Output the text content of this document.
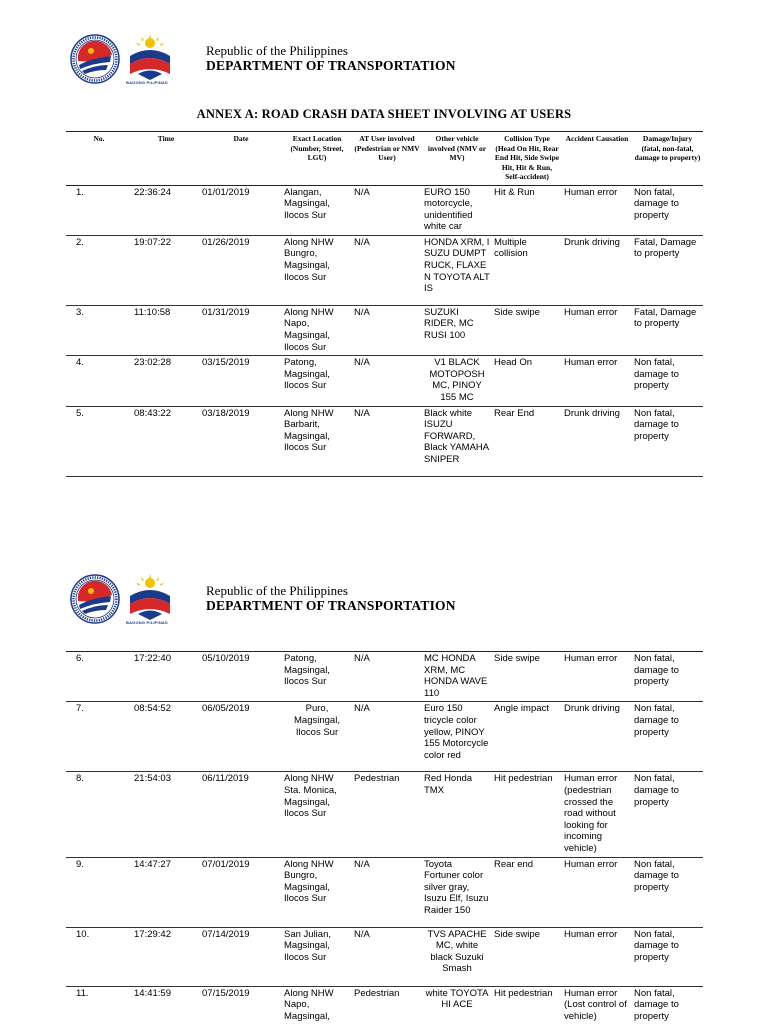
BAGONG PILIPINAS
Republic of the Philippines
DEPARTMENT OF TRANSPORTATION
ANNEX A: ROAD CRASH DATA SHEET INVOLVING AT USERS
No.	Time	Date	Exact Location (Number, Street, LGU)	AT User involved (Pedestrian or NMV User)	Other vehicle involved (NMV or MV)	Collision Type (Head On Hit, Rear End Hit, Side Swipe Hit, Hit & Run, Self-accident)	Accident Causation	Damage/Injury (fatal, non-fatal, damage to property)
1.	22:36:24	01/01/2019	Alangan, Magsingal, Ilocos Sur	N/A	EURO 150 motorcycle, unidentified white car	Hit & Run	Human error	Non fatal, damage to property
2.	19:07:22	01/26/2019	Along NHW Bungro, Magsingal, Ilocos Sur	N/A	HONDA XRM, ISUZU DUMPTRUCK, FLAXEN TOYOTA ALTIS	Multiple collision	Drunk driving	Fatal, Damage to property
3.	11:10:58	01/31/2019	Along NHW Napo, Magsingal, Ilocos Sur	N/A	SUZUKI RIDER, MC RUSI 100	Side swipe	Human error	Fatal, Damage to property
4.	23:02:28	03/15/2019	Patong, Magsingal, Ilocos Sur	N/A	V1 BLACK MOTOPOSH MC, PINOY 155 MC	Head On	Human error	Non fatal, damage to property
5.	08:43:22	03/18/2019	Along NHW Barbarit, Magsingal, Ilocos Sur	N/A	Black white ISUZU FORWARD, Black YAMAHA SNIPER	Rear End	Drunk driving	Non fatal, damage to property
BAGONG PILIPINAS
Republic of the Philippines
DEPARTMENT OF TRANSPORTATION
6.	17:22:40	05/10/2019	Patong, Magsingal, Ilocos Sur	N/A	MC HONDA XRM, MC HONDA WAVE 110	Side swipe	Human error	Non fatal, damage to property
7.	08:54:52	06/05/2019	Puro, Magsingal, Ilocos Sur	N/A	Euro 150 tricycle color yellow, PINOY 155 Motorcycle color red	Angle impact	Drunk driving	Non fatal, damage to property
8.	21:54:03	06/11/2019	Along NHW Sta. Monica, Magsingal, Ilocos Sur	Pedestrian	Red Honda TMX	Hit pedestrian	Human error (pedestrian crossed the road without looking for incoming vehicle)	Non fatal, damage to property
9.	14:47:27	07/01/2019	Along NHW Bungro, Magsingal, Ilocos Sur	N/A	Toyota Fortuner color silver gray, Isuzu Elf, Isuzu Raider 150	Rear end	Human error	Non fatal, damage to property
10.	17:29:42	07/14/2019	San Julian, Magsingal, Ilocos Sur	N/A	TVS APACHE MC, white black Suzuki Smash	Side swipe	Human error	Non fatal, damage to property
11.	14:41:59	07/15/2019	Along NHW Napo, Magsingal,	Pedestrian	white TOYOTA HI ACE	Hit pedestrian	Human error (Lost control of vehicle)	Non fatal, damage to property
